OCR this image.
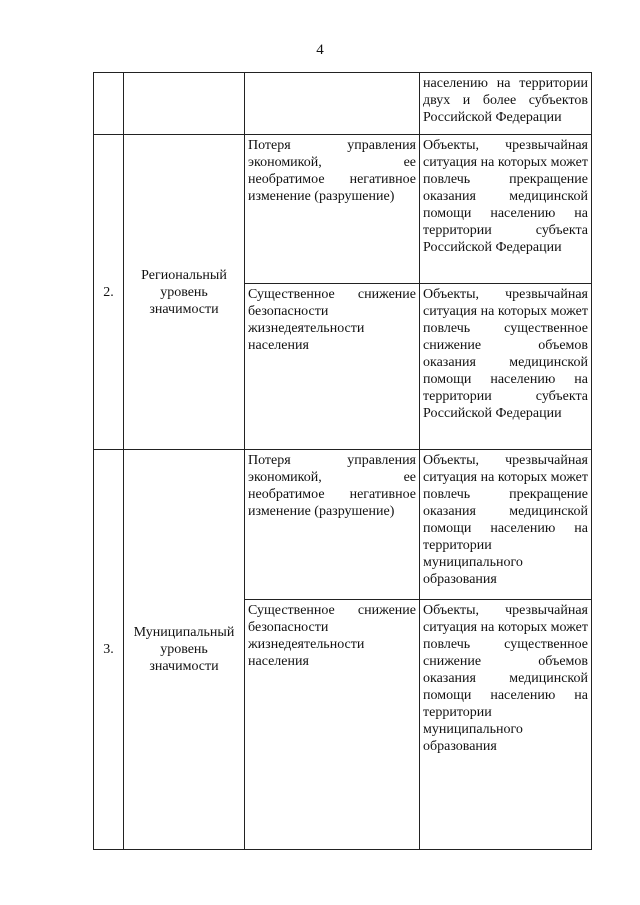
4
			населению на территории двух и более субъектов Российской Федерации

2.	Региональный уровень значимости	Потеря управления экономикой, ее необратимое негативное изменение (разрушение)	Объекты, чрезвычайная ситуация на которых может повлечь прекращение оказания медицинской помощи населению на территории субъекта Российской Федерации
		Существенное снижение безопасности жизнедеятельности населения	Объекты, чрезвычайная ситуация на которых может повлечь существенное снижение объемов оказания медицинской помощи населению на территории субъекта Российской Федерации

3.	Муниципальный уровень значимости	Потеря управления экономикой, ее необратимое негативное изменение (разрушение)	Объекты, чрезвычайная ситуация на которых может повлечь прекращение оказания медицинской помощи населению на территории муниципального образования
		Существенное снижение безопасности жизнедеятельности населения	Объекты, чрезвычайная ситуация на которых может повлечь существенное снижение объемов оказания медицинской помощи населению на территории муниципального образования
